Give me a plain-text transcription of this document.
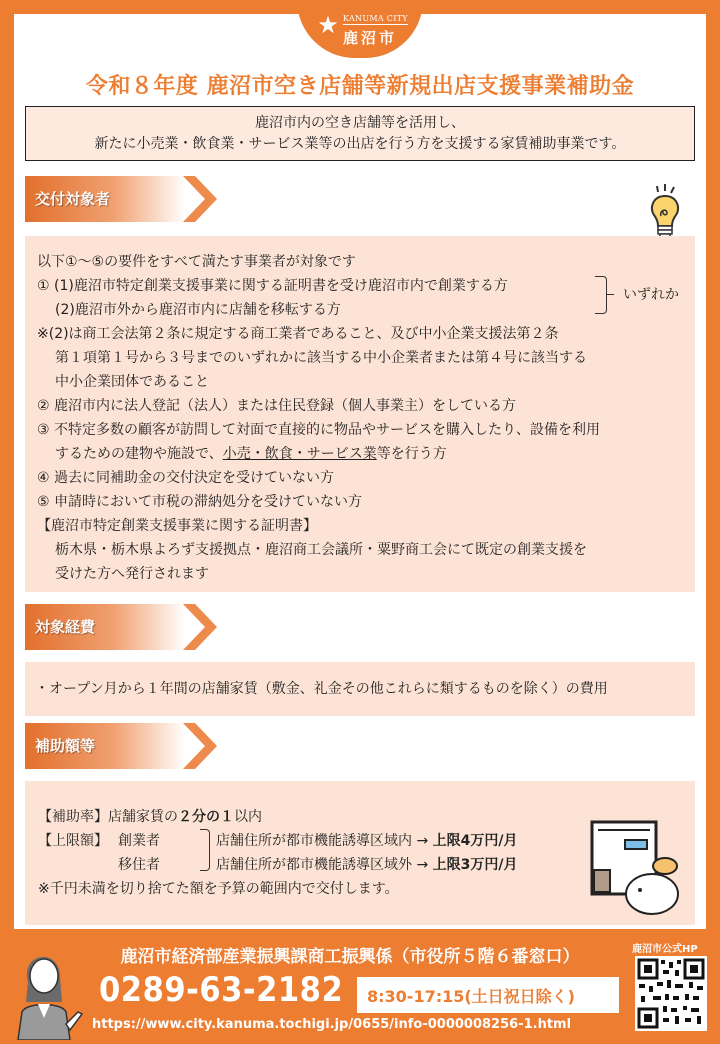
★ KANUMA CITY
鹿沼市
令和８年度 鹿沼市空き店舗等新規出店支援事業補助金
鹿沼市内の空き店舗等を活用し、
新たに小売業・飲食業・サービス業等の出店を行う方を支援する家賃補助事業です。
交付対象者
以下①～⑤の要件をすべて満たす事業者が対象です
① (1)鹿沼市特定創業支援事業に関する証明書を受け鹿沼市内で創業する方
(2)鹿沼市外から鹿沼市内に店舗を移転する方
※(2)は商工会法第２条に規定する商工業者であること、及び中小企業支援法第２条
第１項第１号から３号までのいずれかに該当する中小企業者または第４号に該当する
中小企業団体であること
② 鹿沼市内に法人登記（法人）または住民登録（個人事業主）をしている方
③ 不特定多数の顧客が訪問して対面で直接的に物品やサービスを購入したり、設備を利用
するための建物や施設で、小売・飲食・サービス業等を行う方
④ 過去に同補助金の交付決定を受けていない方
⑤ 申請時において市税の滞納処分を受けていない方
【鹿沼市特定創業支援事業に関する証明書】
栃木県・栃木県よろず支援拠点・鹿沼商工会議所・粟野商工会にて既定の創業支援を
受けた方へ発行されます
いずれか
対象経費
・オープン月から１年間の店舗家賃（敷金、礼金その他これらに類するものを除く）の費用
補助額等
【補助率】店舗家賃の２分の１以内
【上限額】 創業者	店舗住所が都市機能誘導区域内 → 上限4万円/月
移住者	店舗住所が都市機能誘導区域外 → 上限3万円/月
※千円未満を切り捨てた額を予算の範囲内で交付します。
鹿沼市経済部産業振興課商工振興係（市役所５階６番窓口）
0289-63-2182	8:30-17:15(土日祝日除く)
https://www.city.kanuma.tochigi.jp/0655/info-0000008256-1.html
鹿沼市公式HP
